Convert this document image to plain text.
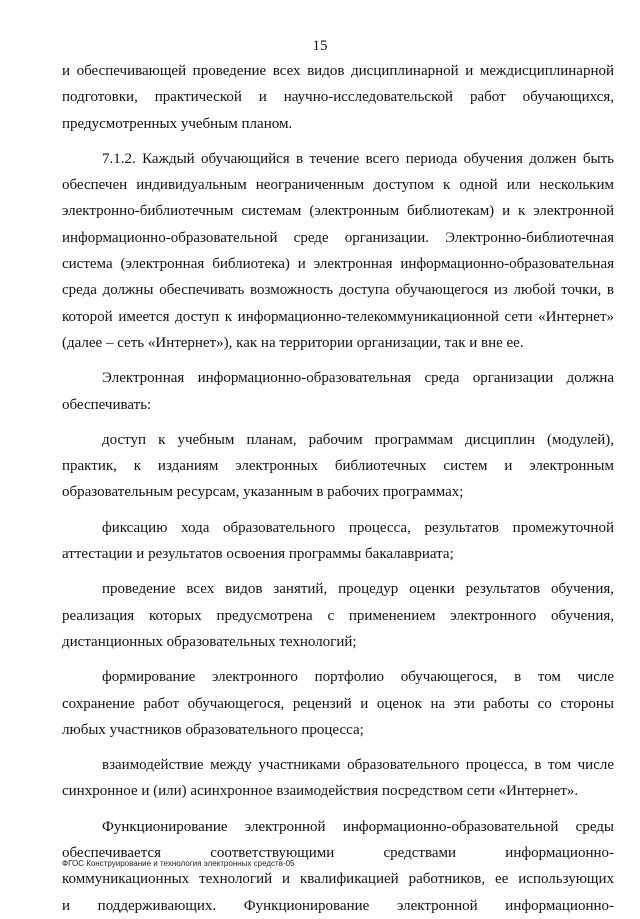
15
и обеспечивающей проведение всех видов дисциплинарной и междисциплинарной
подготовки, практической и научно-исследовательской работ обучающихся,
предусмотренных учебным планом.
7.1.2. Каждый обучающийся в течение всего периода обучения должен быть
обеспечен индивидуальным неограниченным доступом к одной или нескольким
электронно-библиотечным системам (электронным библиотекам) и к электронной
информационно-образовательной среде организации. Электронно-библиотечная
система (электронная библиотека) и электронная информационно-образовательная
среда должны обеспечивать возможность доступа обучающегося из любой точки, в
которой имеется доступ к информационно-телекоммуникационной сети «Интернет»
(далее – сеть «Интернет»), как на территории организации, так и вне ее.
Электронная информационно-образовательная среда организации должна
обеспечивать:
доступ к учебным планам, рабочим программам дисциплин (модулей),
практик, к изданиям электронных библиотечных систем и электронным
образовательным ресурсам, указанным в рабочих программах;
фиксацию хода образовательного процесса, результатов промежуточной
аттестации и результатов освоения программы бакалавриата;
проведение всех видов занятий, процедур оценки результатов обучения,
реализация которых предусмотрена с применением электронного обучения,
дистанционных образовательных технологий;
формирование электронного портфолио обучающегося, в том числе
сохранение работ обучающегося, рецензий и оценок на эти работы со стороны
любых участников образовательного процесса;
взаимодействие между участниками образовательного процесса, в том числе
синхронное и (или) асинхронное взаимодействия посредством сети «Интернет».
Функционирование электронной информационно-образовательной среды
обеспечивается соответствующими средствами информационно-
коммуникационных технологий и квалификацией работников, ее использующих
и поддерживающих. Функционирование электронной информационно-
ФГОС Конструирование и технология электронных средств-05
